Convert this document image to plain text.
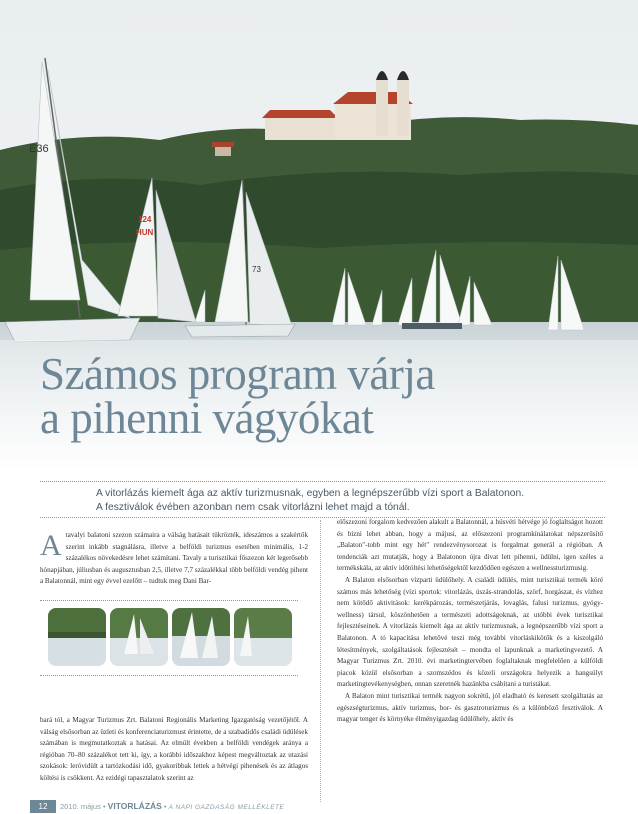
E36
124
HUN
73
Számos program várja
a pihenni vágyókat
A vitorlázás kiemelt ága az aktív turizmusnak, egyben a legnépszerűbb vízi sport a Balatonon.
A fesztiválok évében azonban nem csak vitorlázni lehet majd a tónál.

Atavalyi balatoni szezon számaira a válság hatásait tükrözték, ideszámos a szakértők szerint inkább stagnálásra, illetve a belföldi turizmus esetében minimális, 1-2 százalékos növekedésre lehet számítani. Tavaly a turisztikai főszezon két legerősebb hónapjában, júliusban és augusztusban 2,5, illetve 7,7 százalékkal több belföldi vendég pihent a Balatonnál, mint egy évvel ezelőtt – tudtuk meg Dani Bar-

bará tól, a Magyar Turizmus Zrt. Balatoni Regionális Marketing Igazgatóság vezetőjétől. A válság elsősorban az üzleti és konferenciaturizmust érintette, de a szabadidős családi üdülések számában is megmutatkoztak a hatásai. Az elmúlt években a belföldi vendégek aránya a régióban 70–80 százalékot tett ki, így, a korábbi időszakhoz képest megváltoztak az utazási szokások: leróvidült a tartózkodási idő, gyakoribbak lettek a hétvégi pihenések és az átlagos költési is csökkent. Az ezidégi tapasztalatok szerint az

előszezoni forgalom kedvezően alakult a Balatonnál, a húsvéti hétvége jó foglaltságot hozott és bízni lehet abban, hogy a májusi, az előszezoni programkínálatokat népszerűsítő „Balaton"-tobb mint egy hét" rendezvénysorozat is forgalmat generál a régióban. A tendenciák azt mutatják, hogy a Balatonon újra divat lett pihenni, üdülni, igen széles a termékskála, az aktív időtöltési lehetőségektől kezdődően egészen a wellnessturizmusig.

A Balaton elsősorban vízparti üdülőhely. A családi üdülés, mint turisztikai termék köré számos más lehetőség (vízi sportok: vitorlázás, úszás-strandolás, szörf, horgászat, és vízhez nem kötődő aktivitások: kerékpározás, természetjárás, lovaglás, falusi turizmus, gyógy-wellness) társul, köszönhetően a természeti adottságoknak, az utóbbi évek turisztikai fejlesztéseinek. A vitorlázás kiemelt ága az aktív turizmusnak, a legnépszerűbb vízi sport a Balatonon. A tó kapacitása lehetővé teszi még további vitorláskikötők és a kiszolgáló létesítmények, szolgáltatások fejlesztését – mondta el lapunknak a marketingvezető. A Magyar Turizmus Zrt. 2010. évi marketingtervében foglaltaknak megfelelően a külföldi piacok közül elsősorban a szomszédos és közeli országokra helyezik a hangsúlyt marketingtevékenységben, onnan szeretnék hazánkba csábítani a turistákat.

A Balaton mint turisztikai termék nagyon sokrétű, jól eladható és keresett szolgáltatás az egészségturizmus, aktív turizmus, bor- és gasztroturizmus és a különböző fesztiválok. A magyar tenger és környéke élményígazdag üdülőhely, aktív és

12	2010. május • VITORLÁZÁS • A NAPI GAZDASÁG MELLÉKLETE
